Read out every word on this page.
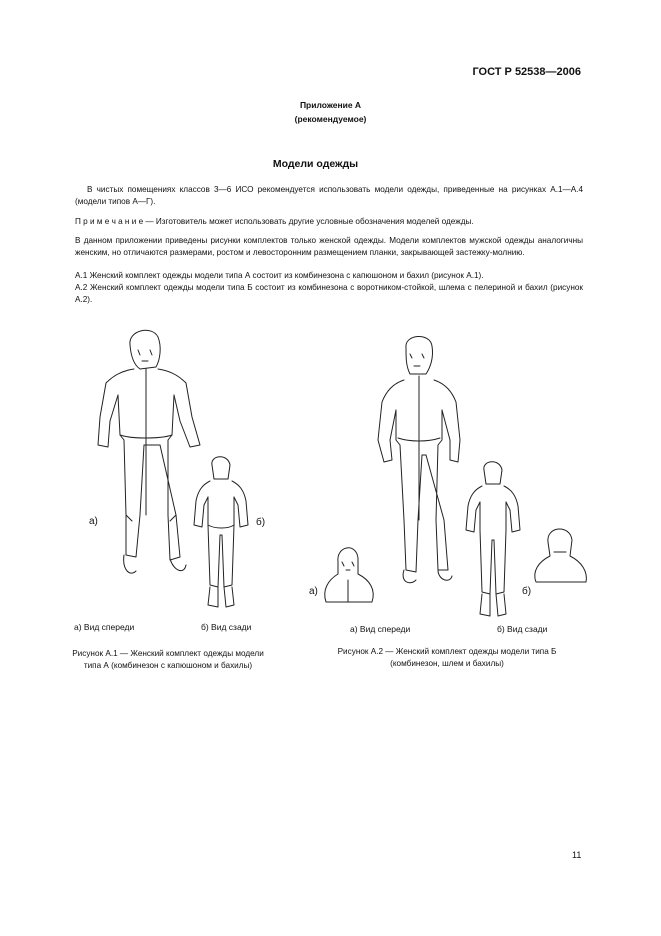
ГОСТ Р 52538—2006
Приложение А
(рекомендуемое)
Модели одежды
В чистых помещениях классов 3—6 ИСО рекомендуется использовать модели одежды, приведенные на рисунках А.1—А.4 (модели типов А—Г).
П р и м е ч а н и е — Изготовитель может использовать другие условные обозначения моделей одежды.
В данном приложении приведены рисунки комплектов только женской одежды. Модели комплектов мужской одежды аналогичны женским, но отличаются размерами, ростом и левосторонним размещением планки, закрывающей застежку-молнию.
А.1 Женский комплект одежды модели типа А состоит из комбинезона с капюшоном и бахил (рисунок А.1).
А.2 Женский комплект одежды модели типа Б состоит из комбинезона с воротником-стойкой, шлема с пелериной и бахил (рисунок А.2).
а)	б)
а) Вид спереди	б) Вид сзади
Рисунок А.1 — Женский комплект одежды модели
типа А (комбинезон с капюшоном и бахилы)
а)	б)
а) Вид спереди	б) Вид сзади
Рисунок А.2 — Женский комплект одежды модели типа Б
(комбинезон, шлем и бахилы)
11
